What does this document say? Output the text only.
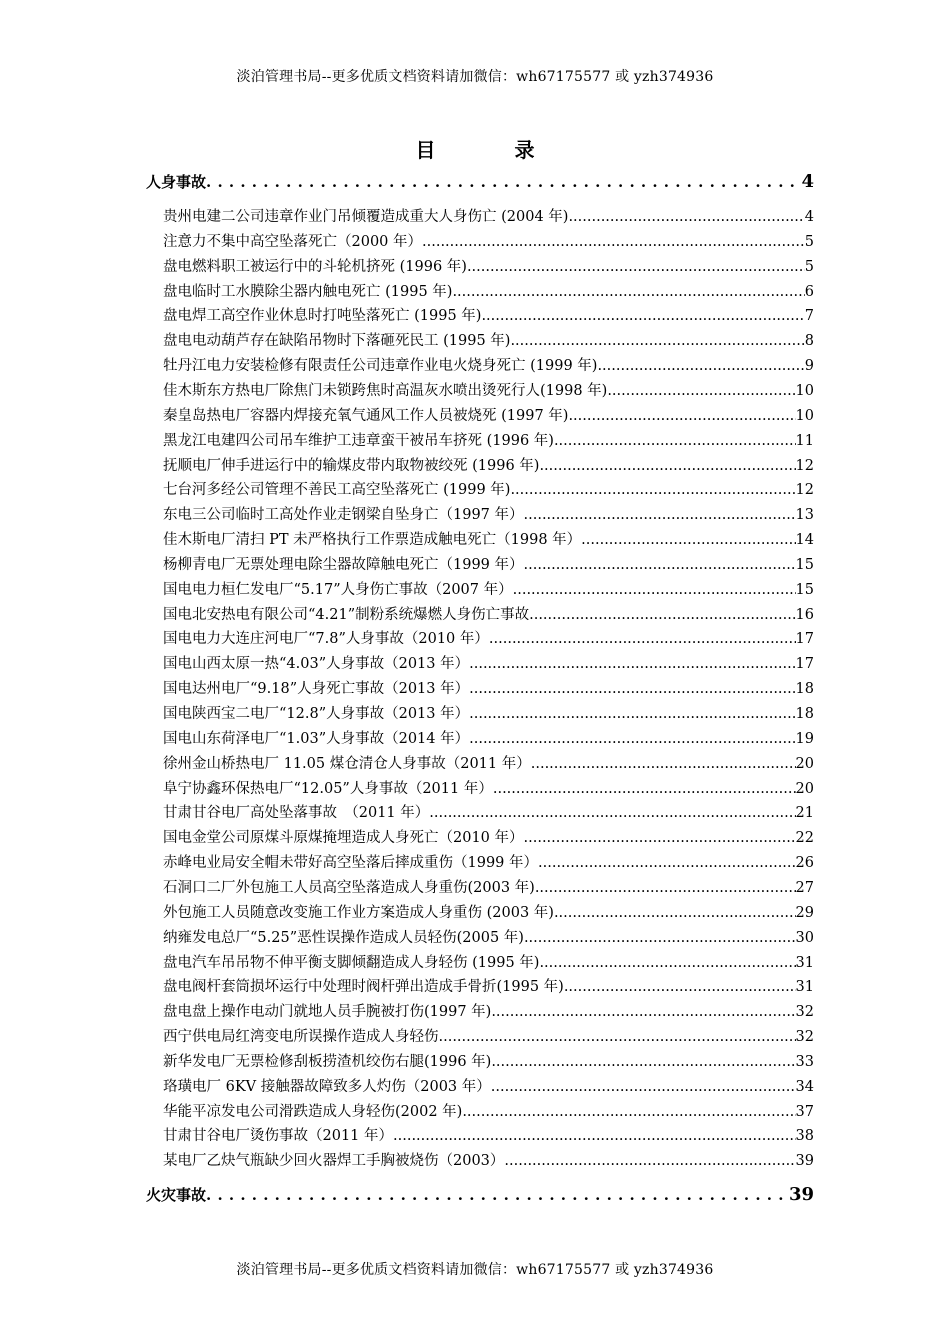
淡泊管理书局--更多优质文档资料请加微信：wh67175577 或 yzh374936
目 录
人身事故 . . .	4
贵州电建二公司违章作业门吊倾覆造成重大人身伤亡 (2004 年) .....	4
注意力不集中高空坠落死亡（2000 年） .....	5
盘电燃料职工被运行中的斗轮机挤死 (1996 年) .....	5
盘电临时工水膜除尘器内触电死亡 (1995 年) .....	6
盘电焊工高空作业休息时打吨坠落死亡 (1995 年) .....	7
盘电电动葫芦存在缺陷吊物时下落砸死民工 (1995 年) .....	8
牡丹江电力安装检修有限责任公司违章作业电火烧身死亡 (1999 年) .....	9
佳木斯东方热电厂除焦门未锁跨焦时高温灰水喷出烫死行人(1998 年) .....	10
秦皇岛热电厂容器内焊接充氧气通风工作人员被烧死 (1997 年) .....	10
黑龙江电建四公司吊车维护工违章蛮干被吊车挤死 (1996 年) .....	11
抚顺电厂伸手进运行中的输煤皮带内取物被绞死 (1996 年) .....	12
七台河多经公司管理不善民工高空坠落死亡 (1999 年) .....	12
东电三公司临时工高处作业走钢梁自坠身亡（1997 年） .....	13
佳木斯电厂清扫 PT 未严格执行工作票造成触电死亡（1998 年） .....	14
杨柳青电厂无票处理电除尘器故障触电死亡（1999 年） .....	15
国电电力桓仁发电厂“5.17”人身伤亡事故（2007 年） .....	15
国电北安热电有限公司“4.21”制粉系统爆燃人身伤亡事故 .....	16
国电电力大连庄河电厂“7.8”人身事故（2010 年） .....	17
国电山西太原一热“4.03”人身事故（2013 年） .....	17
国电达州电厂“9.18”人身死亡事故（2013 年） .....	18
国电陕西宝二电厂“12.8”人身事故（2013 年） .....	18
国电山东荷泽电厂“1.03”人身事故（2014 年） .....	19
徐州金山桥热电厂 11.05 煤仓清仓人身事故（2011 年） .....	20
阜宁协鑫环保热电厂“12.05”人身事故（2011 年） .....	20
甘肃甘谷电厂高处坠落事故　（2011 年） .....	21
国电金堂公司原煤斗原煤掩埋造成人身死亡（2010 年） .....	22
赤峰电业局安全帽未带好高空坠落后摔成重伤（1999 年） .....	26
石洞口二厂外包施工人员高空坠落造成人身重伤(2003 年) .....	27
外包施工人员随意改变施工作业方案造成人身重伤 (2003 年) .....	29
纳雍发电总厂“5.25”恶性误操作造成人员轻伤(2005 年) .....	30
盘电汽车吊吊物不伸平衡支脚倾翻造成人身轻伤 (1995 年) .....	31
盘电阀杆套筒损坏运行中处理时阀杆弹出造成手骨折(1995 年) .....	31
盘电盘上操作电动门就地人员手腕被打伤(1997 年) .....	32
西宁供电局红湾变电所误操作造成人身轻伤 .....	32
新华发电厂无票检修刮板捞渣机绞伤右腿(1996 年) .....	33
珞璜电厂 6KV 接触器故障致多人灼伤（2003 年） .....	34
华能平凉发电公司滑跌造成人身轻伤(2002 年) .....	37
甘肃甘谷电厂烫伤事故（2011 年） .....	38
某电厂乙炔气瓶缺少回火器焊工手胸被烧伤（2003） .....	39
火灾事故 . . .	39
淡泊管理书局--更多优质文档资料请加微信：wh67175577 或 yzh374936
